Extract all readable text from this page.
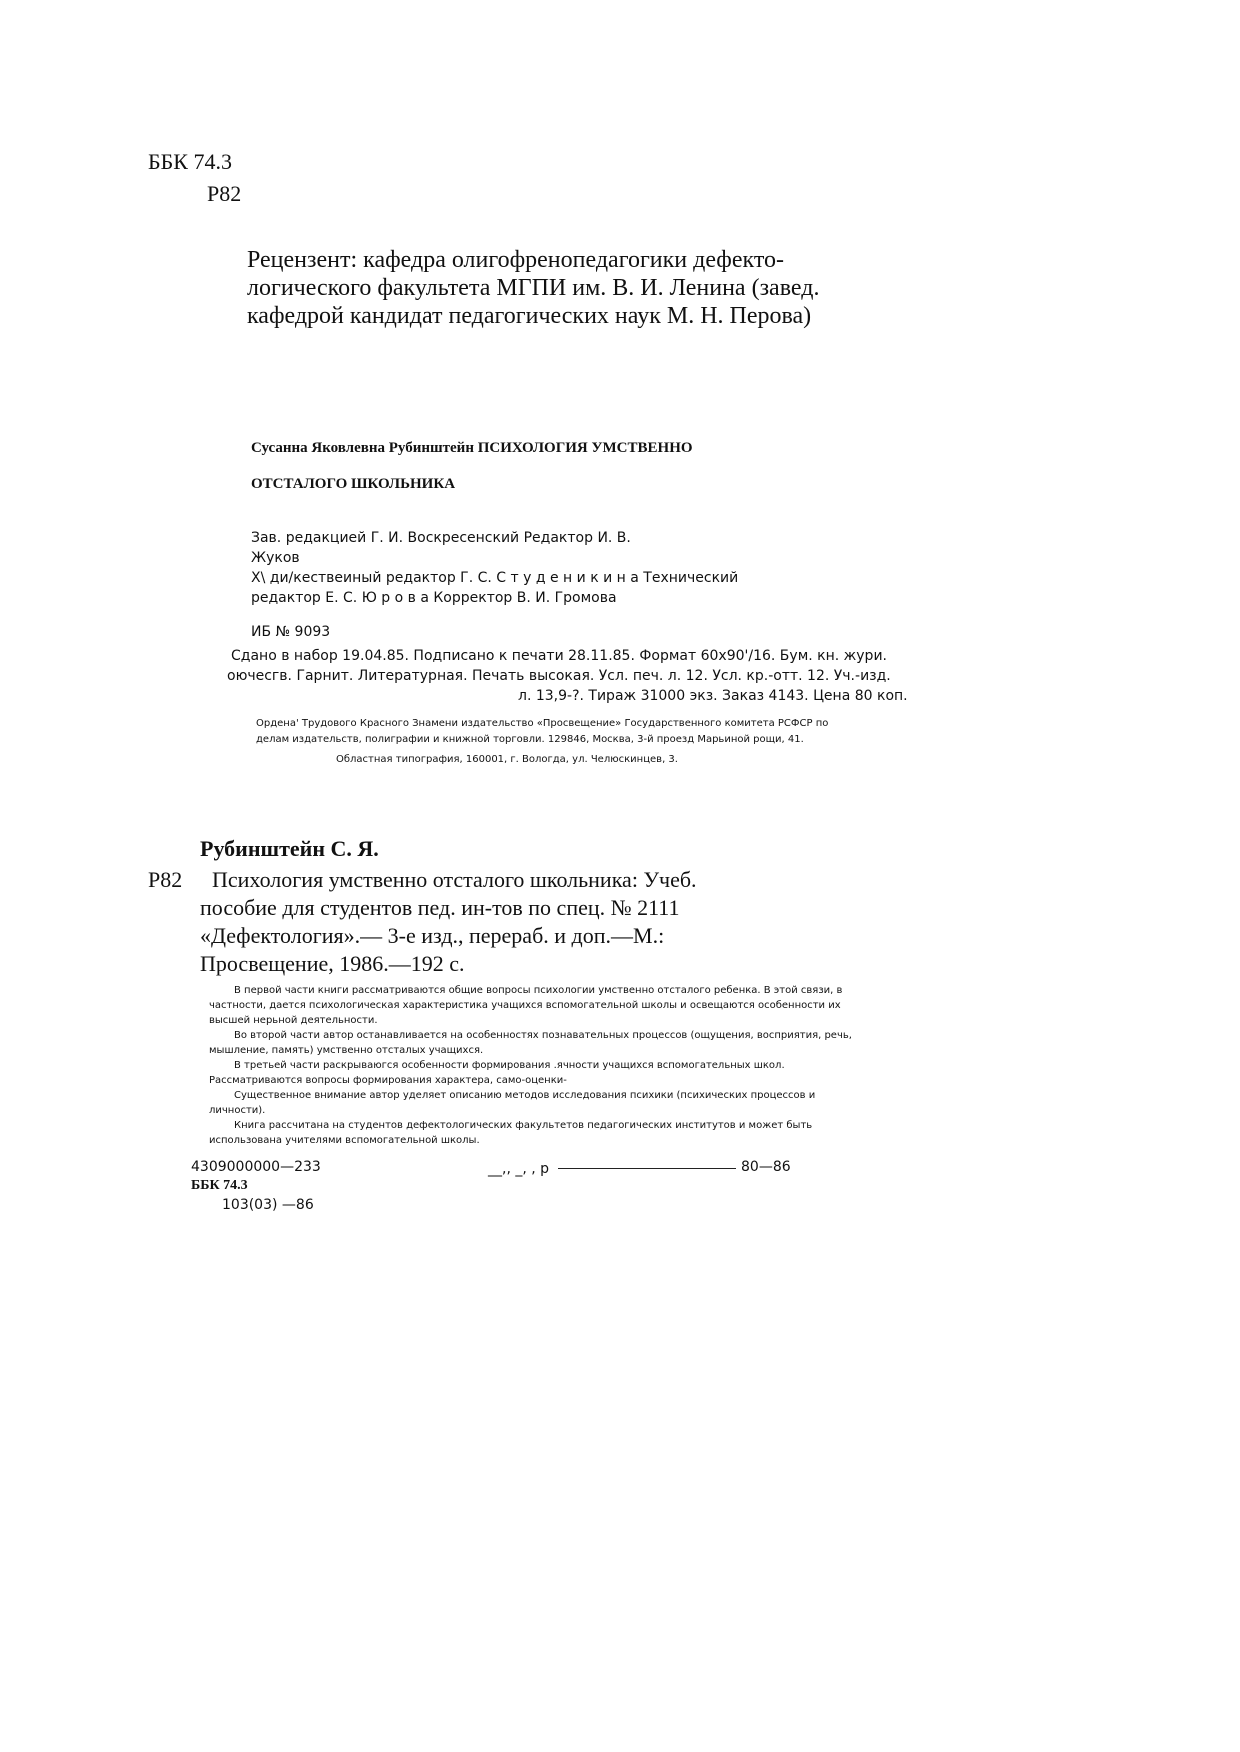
ББК 74.3
Р82
Рецензент: кафедра олигофренопедагогики дефекто-
логического факультета МГПИ им. В. И. Ленина (завед.
кафедрой кандидат педагогических наук М. Н. Перова)
Сусанна Яковлевна Рубинштейн ПСИХОЛОГИЯ УМСТВЕННО
ОТСТАЛОГО ШКОЛЬНИКА
Зав. редакцией Г. И. Воскресенский Редактор И. В.
Жуков
Х\ ди/кествеиный редактор Г. С. С т у д е н и к и н а Технический
редактор Е. С. Ю р о в а Корректор В. И. Громова
ИБ № 9093
Сдано в набор 19.04.85. Подписано к печати 28.11.85. Формат 60х90'/16. Бум. кн. жури.
оючесгв. Гарнит. Литературная. Печать высокая. Усл. печ. л. 12. Усл. кр.-отт. 12. Уч.-изд.
л. 13,9-?. Тираж 31000 экз. Заказ 4143. Цена 80 коп.
Ордена' Трудового Красного Знамени издательство «Просвещение» Государственного комитета РСФСР по
делам издательств, полиграфии и книжной торговли. 129846, Москва, 3-й проезд Марьиной рощи, 41.
Областная типография, 160001, г. Вологда, ул. Челюскинцев, 3.
Рубинштейн С. Я.
Р82 Психология умственно отсталого школьника: Учеб.
пособие для студентов пед. ин-тов по спец. № 2111
«Дефектология».— 3-е изд., перераб. и доп.—М.:
Просвещение, 1986.—192 с.
В первой части книги рассматриваются общие вопросы психологии умственно отсталого ребенка. В этой связи, в
частности, дается психологическая характеристика учащихся вспомогательной школы и освещаются особенности их
высшей нерьной деятельности.
Во второй части автор останавливается на особенностях познавательных процессов (ощущения, восприятия, речь,
мышление, память) умственно отсталых учащихся.
В третьей части раскрываюгся особенности формирования .ячности учащихся вспомогательных школ.
Рассматриваются вопросы формирования характера, само-оценки-
Существенное внимание автор уделяет описанию методов исследования психики (психических процессов и
личности).
Книга рассчитана на студентов дефектологических факультетов педагогических институтов и может быть
использована учителями вспомогательной школы.
4309000000—233	__,, _, , р	80—86
ББК 74.3
103(03) —86
